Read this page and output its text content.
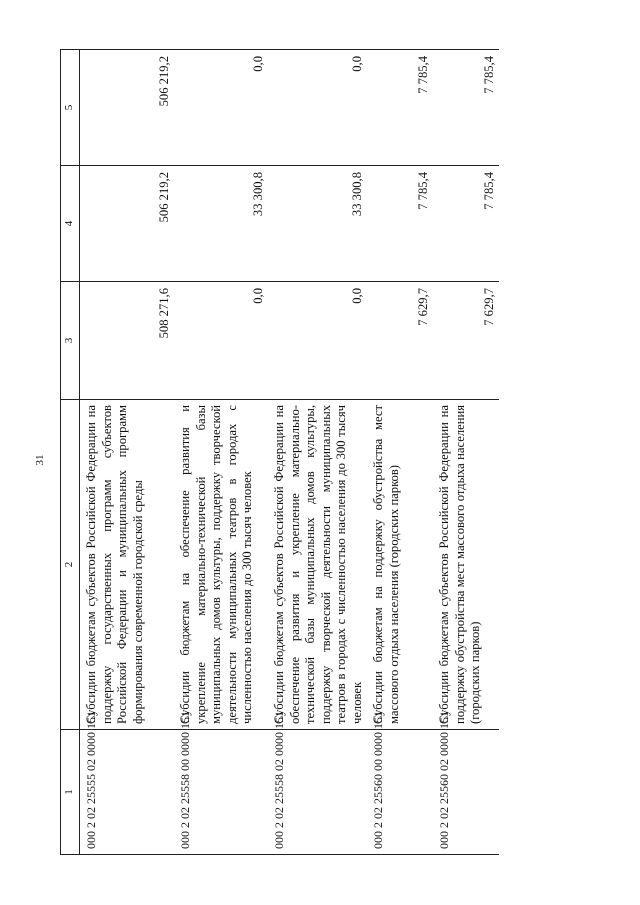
31
1	2	3	4	5
000 2 02 25555 02 0000 151	Субсидии бюджетам субъектов Российской Федерации на поддержку государственных программ субъектов Российской Федерации и муниципальных программ формирования современной городской среды	508 271,6	506 219,2	506 219,2
000 2 02 25558 00 0000 151	Субсидии бюджетам на обеспечение развития и укрепление материально-технической базы муниципальных домов культуры, поддержку творческой деятельности муниципальных театров в городах с численностью населения до 300 тысяч человек	0,0	33 300,8	0,0
000 2 02 25558 02 0000 151	Субсидии бюджетам субъектов Российской Федерации на обеспечение развития и укрепление материально-технической базы муниципальных домов культуры, поддержку творческой деятельности муниципальных театров в городах с численностью населения до 300 тысяч человек	0,0	33 300,8	0,0
000 2 02 25560 00 0000 151	Субсидии бюджетам на поддержку обустройства мест массового отдыха населения (городских парков)	7 629,7	7 785,4	7 785,4
000 2 02 25560 02 0000 151	Субсидии бюджетам субъектов Российской Федерации на поддержку обустройства мест массового отдыха населения (городских парков)	7 629,7	7 785,4	7 785,4
